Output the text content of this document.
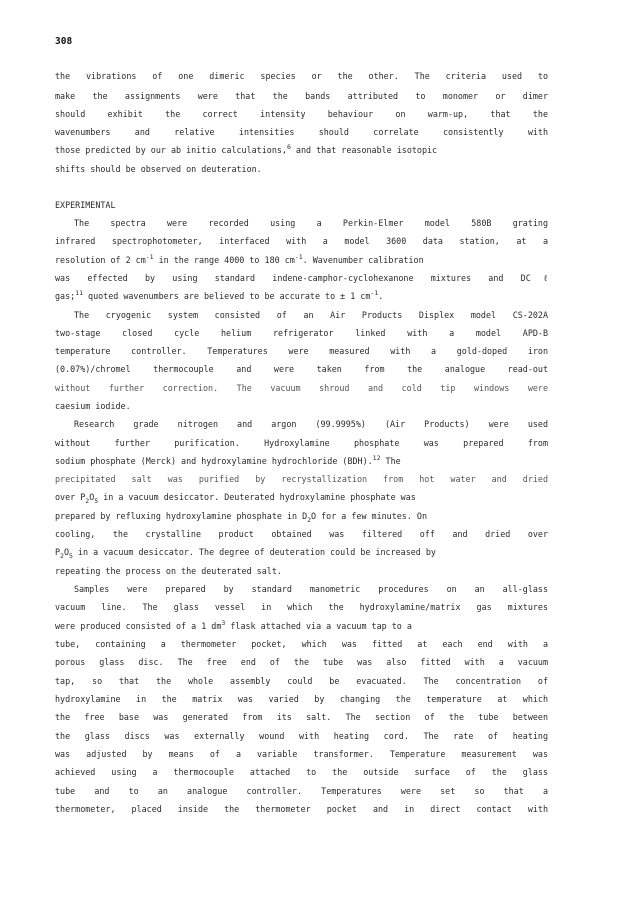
308
the vibrations of one dimeric species or the other. The criteria used to
make the assignments were that the bands attributed to monomer or dimer
should exhibit the correct intensity behaviour on warm-up, that the
wavenumbers and relative intensities should correlate consistently with
those predicted by our ab initio calculations,$^6$ and that reasonable isotopic
shifts should be observed on deuteration.
EXPERIMENTAL
The spectra were recorded using a Perkin-Elmer model 580B grating
infrared spectrophotometer, interfaced with a model 3600 data station, at a
resolution of 2 $cm^{-1}$ in the range 4000 to 180 $cm^{-1}$. Wavenumber calibration
was effected by using standard indene-camphor-cyclohexanone mixtures and DCℓ
gas;$^{11}$ quoted wavenumbers are believed to be accurate to ± 1 $cm^{-1}$.
The cryogenic system consisted of an Air Products Displex model CS-202A
two-stage closed cycle helium refrigerator linked with a model APD-B
temperature controller. Temperatures were measured with a gold-doped iron
(0.07%)/chromel thermocouple and were taken from the analogue read-out
without further correction. The vacuum shroud and cold tip windows were
caesium iodide.
Research grade nitrogen and argon (99.9995%) (Air Products) were used
without further purification. Hydroxylamine phosphate was prepared from
sodium phosphate (Merck) and hydroxylamine hydrochloride (BDH).$^{12}$ The
precipitated salt was purified by recrystallization from hot water and dried
over $P_2O_5$ in a vacuum desiccator. Deuterated hydroxylamine phosphate was
prepared by refluxing hydroxylamine phosphate in $D_2O$ for a few minutes. On
cooling, the crystalline product obtained was filtered off and dried over
$P_2O_5$ in a vacuum desiccator. The degree of deuteration could be increased by
repeating the process on the deuterated salt.
Samples were prepared by standard manometric procedures on an all-glass
vacuum line. The glass vessel in which the hydroxylamine/matrix gas mixtures
were produced consisted of a 1 $dm^3$ flask attached via a vacuum tap to a
tube, containing a thermometer pocket, which was fitted at each end with a
porous glass disc. The free end of the tube was also fitted with a vacuum
tap, so that the whole assembly could be evacuated. The concentration of
hydroxylamine in the matrix was varied by changing the temperature at which
the free base was generated from its salt. The section of the tube between
the glass discs was externally wound with heating cord. The rate of heating
was adjusted by means of a variable transformer. Temperature measurement was
achieved using a thermocouple attached to the outside surface of the glass
tube and to an analogue controller. Temperatures were set so that a
thermometer, placed inside the thermometer pocket and in direct contact with
